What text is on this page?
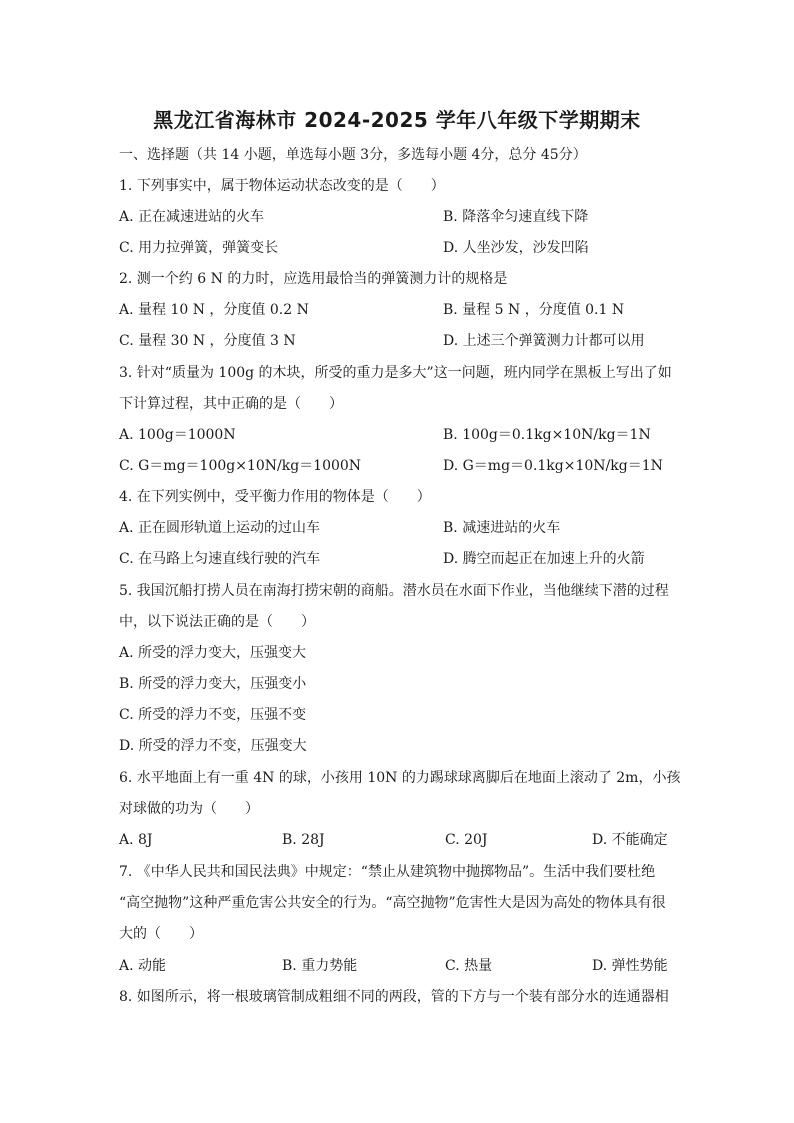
黑龙江省海林市 2024-2025 学年八年级下学期期末
一、选择题（共 14 小题，单选每小题 3分，多选每小题 4分，总分 45分）
1. 下列事实中，属于物体运动状态改变的是（　　）
A. 正在减速进站的火车	B. 降落伞匀速直线下降
C. 用力拉弹簧，弹簧变长	D. 人坐沙发，沙发凹陷
2. 测一个约 6 N 的力时，应选用最恰当的弹簧测力计的规格是
A. 量程 10 N ，分度值 0.2 N	B. 量程 5 N ，分度值 0.1 N
C. 量程 30 N ，分度值 3 N	D. 上述三个弹簧测力计都可以用
3. 针对“质量为 100g 的木块，所受的重力是多大”这一问题，班内同学在黑板上写出了如
下计算过程，其中正确的是（　　）
A. 100g＝1000N	B. 100g＝0.1kg×10N/kg＝1N
C. G＝mg＝100g×10N/kg＝1000N	D. G＝mg＝0.1kg×10N/kg＝1N
4. 在下列实例中，受平衡力作用的物体是（　　）
A. 正在圆形轨道上运动的过山车	B. 减速进站的火车
C. 在马路上匀速直线行驶的汽车	D. 腾空而起正在加速上升的火箭
5. 我国沉船打捞人员在南海打捞宋朝的商船。潜水员在水面下作业，当他继续下潜的过程
中，以下说法正确的是（　　）
A. 所受的浮力变大，压强变大
B. 所受的浮力变大，压强变小
C. 所受的浮力不变，压强不变
D. 所受的浮力不变，压强变大
6. 水平地面上有一重 4N 的球，小孩用 10N 的力踢球球离脚后在地面上滚动了 2m，小孩
对球做的功为（　　）
A. 8J	B. 28J	C. 20J	D. 不能确定
7. 《中华人民共和国民法典》中规定：“禁止从建筑物中抛掷物品”。生活中我们要杜绝
“高空抛物”这种严重危害公共安全的行为。“高空抛物”危害性大是因为高处的物体具有很
大的（　　）
A. 动能	B. 重力势能	C. 热量	D. 弹性势能
8. 如图所示，将一根玻璃管制成粗细不同的两段，管的下方与一个装有部分水的连通器相
